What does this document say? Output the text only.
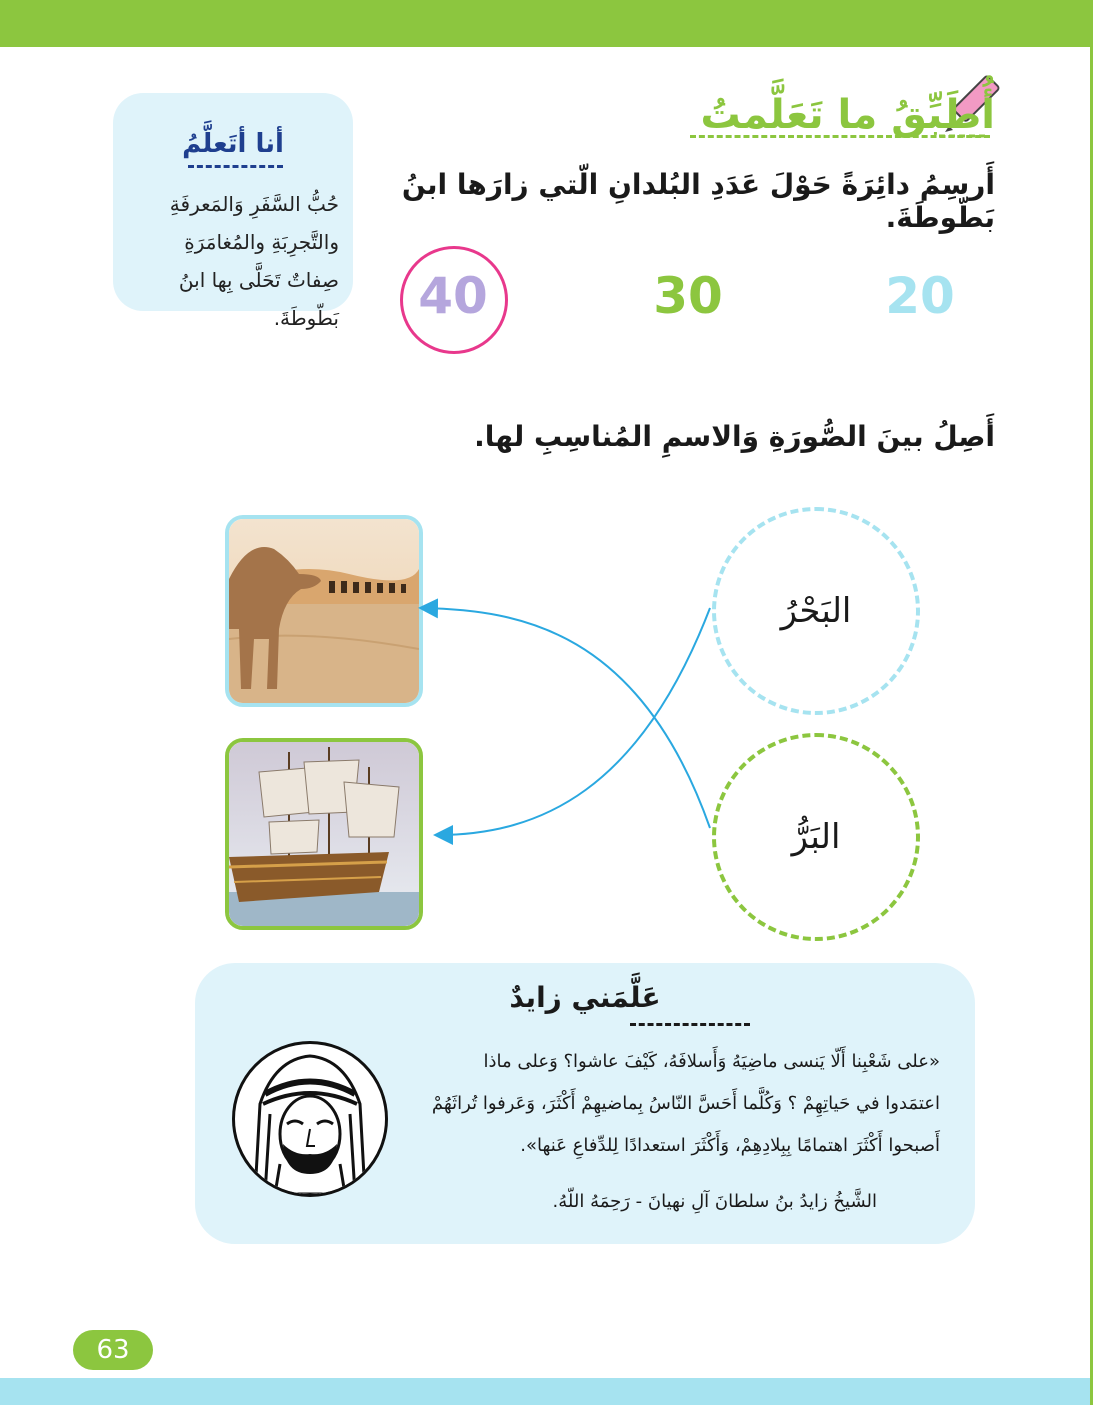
أنا أتَعلَّمُ
حُبُّ السَّفَرِ وَالمَعرفَةِ والتَّجرِبَةِ والمُغامَرَةِ صِفاتٌ تَحَلَّى بِها ابنُ بَطّوطَةَ.
أُطَبِّقُ ما تَعَلَّمتُ
أَرسِمُ دائِرَةً حَوْلَ عَدَدِ البُلدانِ الّتي زارَها ابنُ بَطّوطَةَ.
20
30
40
أَصِلُ بينَ الصُّورَةِ وَالاسمِ المُناسِبِ لها.
البَحْرُ
البَرُّ
عَلَّمَني زايدٌ
«على شَعْبِنا أَلّا يَنسى ماضِيَهُ وَأَسلافَهُ، كَيْفَ عاشوا؟ وَعلى ماذا اعتمَدوا في حَياتِهِمْ ؟ وَكُلَّما أَحَسَّ النّاسُ بِماضيهِمْ أَكْثَرَ، وَعَرفوا تُراثَهُمْ أَصبحوا أَكْثَرَ اهتمامًا بِبِلادِهِمْ، وَأَكْثَرَ استعدادًا لِلدِّفاعِ عَنها».
الشَّيخُ زايدُ بنُ سلطانَ آلِ نهيانَ - رَحِمَهُ اللّهُ.
63
